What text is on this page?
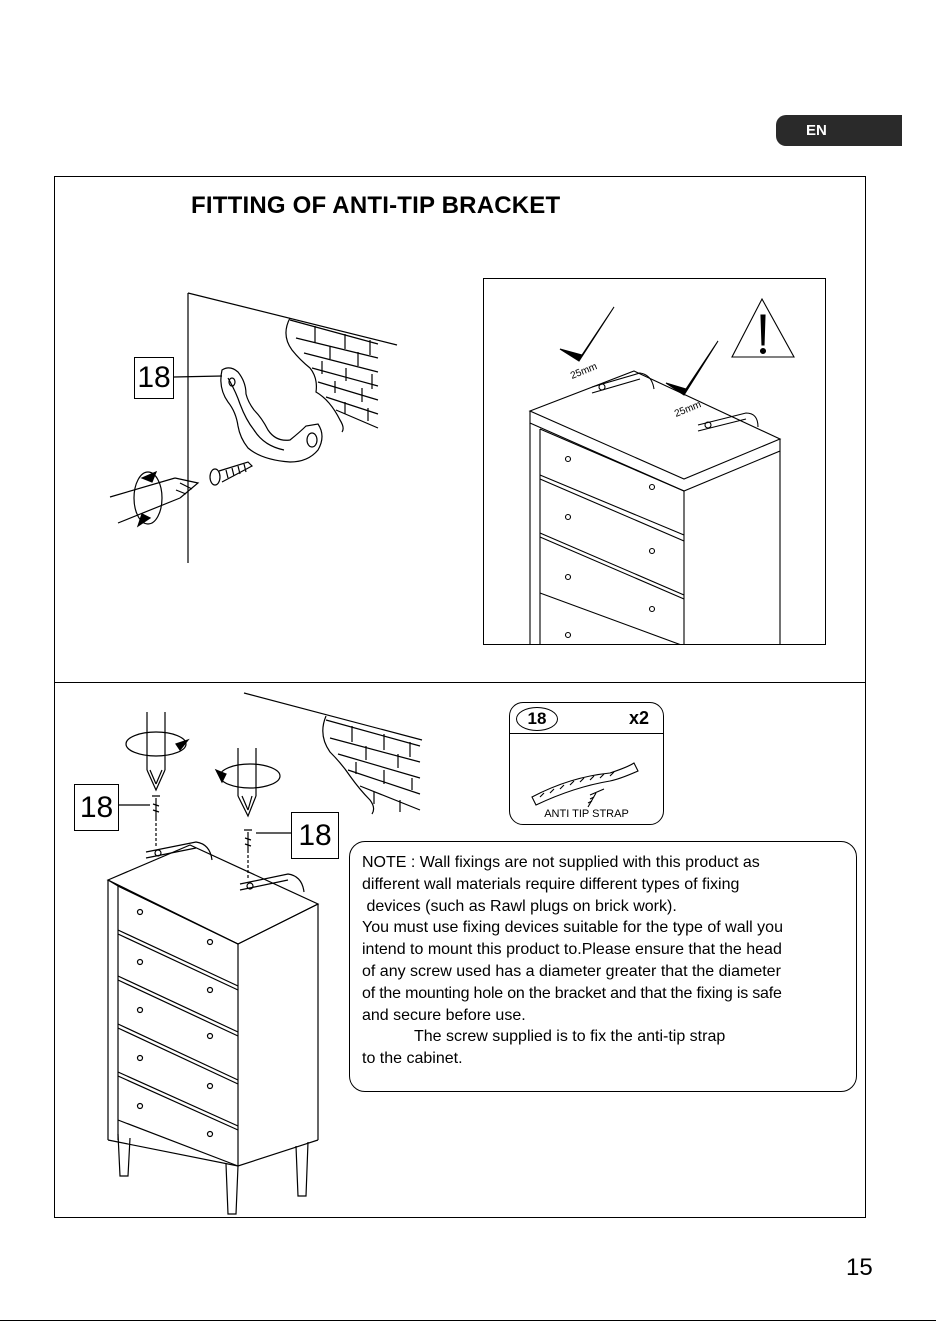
EN
FITTING OF ANTI-TIP BRACKET
18	25mm
25mm
18
18
18	x2
ANTI TIP STRAP

NOTE : Wall fixings are not supplied with this product as

different wall materials require different types of fixing

devices (such as Rawl plugs on brick work).

You must use fixing devices suitable for the type of wall you

intend to mount this product to.Please ensure that the head

of any screw used has a diameter greater that the diameter

of the mounting hole on the bracket and that the fixing is safe

and secure before use.

The screw supplied is to fix the anti-tip strap

to the cabinet.

15
